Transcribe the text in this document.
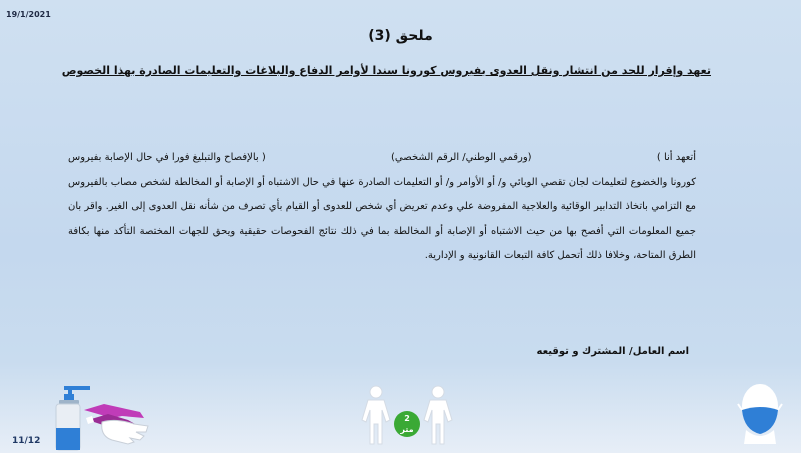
19/1/2021
ملحق (3)
تعهد وإقرار للحد من انتشار ونقل العدوى بفيروس كورونا سندا لأوامر الدفاع والبلاغات والتعليمات الصادرة بهذا الخصوص
أتعهد أنا )
(ورقمي الوطني/ الرقم الشخصي)
( بالإفصاح والتبليغ فورا في حال الإصابة بفيروس

كورونا والخضوع لتعليمات لجان تقصي الوبائي و/ أو الأوامر و/ أو التعليمات الصادرة عنها في حال الاشتباه أو الإصابة أو المخالطة لشخص مصاب بالفيروس مع التزامي باتخاذ التدابير الوقائية والعلاجية المفروضة علي وعدم تعريض أي شخص للعدوى أو القيام بأي تصرف من شأنه نقل العدوى إلى الغير. واقر بان جميع المعلومات التي أفصح بها من حيث الاشتباه أو الإصابة أو المخالطة بما في ذلك نتائج الفحوصات حقيقية ويحق للجهات المختصة التأكد منها بكافة الطرق المتاحة، وخلافا ذلك أتحمل كافة التبعات القانونية و الإدارية.

اسم العامل/ المشترك و توقيعه
2
متر
11/12
